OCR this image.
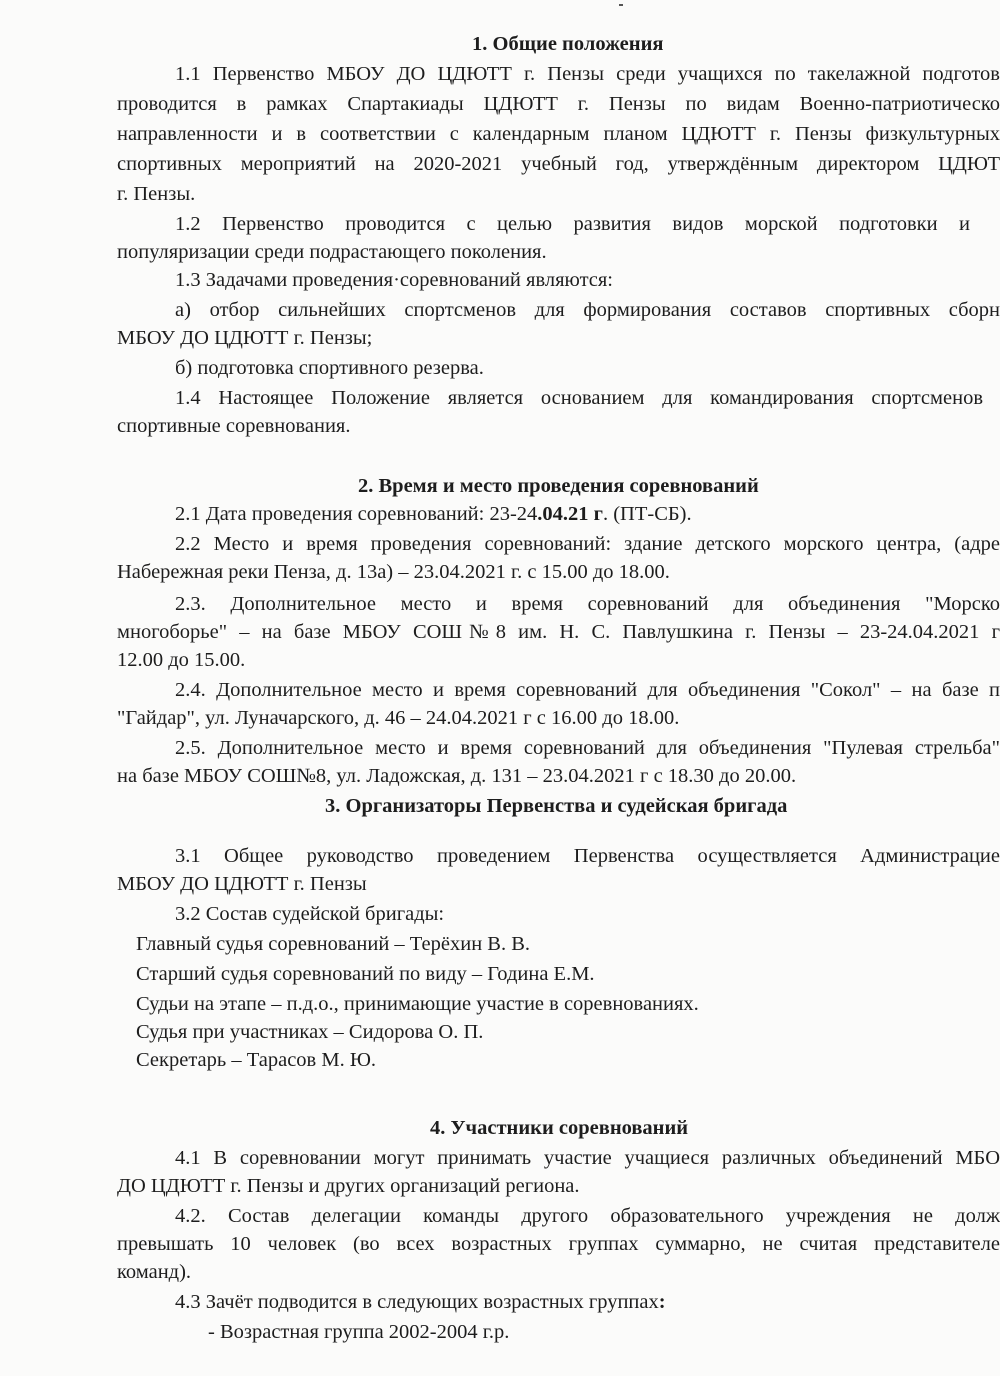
1. Общие положения
1.1 Первенство МБОУ ДО ЦДЮТТ г. Пензы среди учащихся по такелажной подготов
проводится в рамках Спартакиады ЦДЮТТ г. Пензы по видам Военно-патриотическо
направленности и в соответствии с календарным планом ЦДЮТТ г. Пензы физкультурных
спортивных мероприятий на 2020-2021 учебный год, утверждённым директором ЦДЮТ
г. Пензы.
1.2 Первенство проводится с целью развития видов морской подготовки и
популяризации среди подрастающего поколения.
1.3 Задачами проведения·соревнований являются:
а) отбор сильнейших спортсменов для формирования составов спортивных сборн
МБОУ ДО ЦДЮТТ г. Пензы;
б) подготовка спортивного резерва.
1.4 Настоящее Положение является основанием для командирования спортсменов
спортивные соревнования.
2. Время и место проведения соревнований
2.1 Дата проведения соревнований: 23-24.04.21 г. (ПТ-СБ).
2.2 Место и время проведения соревнований: здание детского морского центра, (адре
Набережная реки Пенза, д. 13а) – 23.04.2021 г. с 15.00 до 18.00.
2.3. Дополнительное место и время соревнований для объединения "Морско
многоборье" – на базе МБОУ СОШ№8 им. Н. С. Павлушкина г. Пензы – 23-24.04.2021 г
12.00 до 15.00.
2.4. Дополнительное место и время соревнований для объединения "Сокол" – на базе п
"Гайдар", ул. Луначарского, д. 46 – 24.04.2021 г с 16.00 до 18.00.
2.5. Дополнительное место и время соревнований для объединения "Пулевая стрельба"
на базе МБОУ СОШ№8, ул. Ладожская, д. 131 – 23.04.2021 г с 18.30 до 20.00.
3. Организаторы Первенства и судейская бригада
3.1 Общее руководство проведением Первенства осуществляется Администрацие
МБОУ ДО ЦДЮТТ г. Пензы
3.2 Состав судейской бригады:
Главный судья соревнований – Терёхин В. В.
Старший судья соревнований по виду – Година Е.М.
Судьи на этапе – п.д.о., принимающие участие в соревнованиях.
Судья при участниках – Сидорова О. П.
Секретарь – Тарасов М. Ю.
4. Участники соревнований
4.1 В соревновании могут принимать участие учащиеся различных объединений МБО
ДО ЦДЮТТ г. Пензы и других организаций региона.
4.2. Состав делегации команды другого образовательного учреждения не долж
превышать 10 человек (во всех возрастных группах суммарно, не считая представителе
команд).
4.3 Зачёт подводится в следующих возрастных группах:
- Возрастная группа 2002-2004 г.р.
